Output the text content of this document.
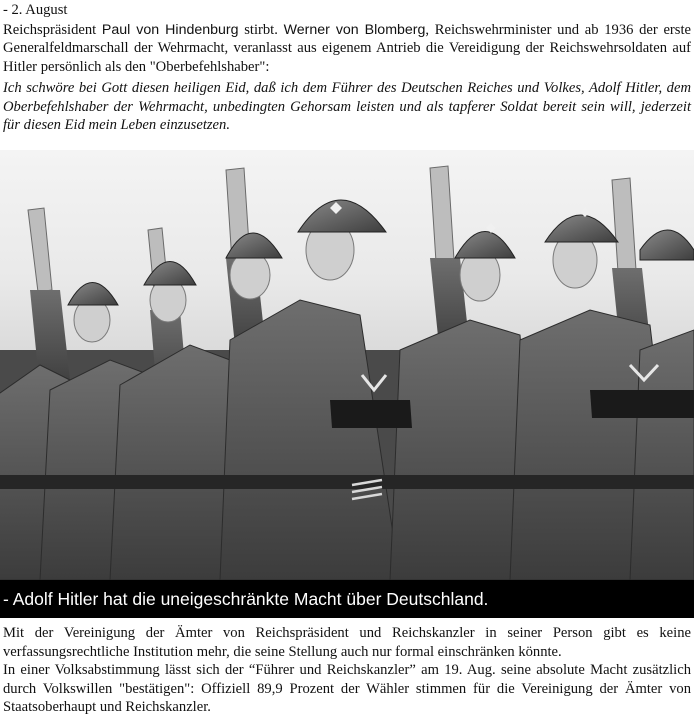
- 2. August

Reichspräsident Paul von Hindenburg stirbt. Werner von Blomberg, Reichswehrminister und ab 1936 der erste Generalfeldmarschall der Wehrmacht, veranlasst aus eigenem Antrieb die Vereidigung der Reichswehrsoldaten auf Hitler persönlich als den "Oberbefehlshaber":

Ich schwöre bei Gott diesen heiligen Eid, daß ich dem Führer des Deutschen Reiches und Volkes, Adolf Hitler, dem Oberbefehlshaber der Wehrmacht, unbedingten Gehorsam leisten und als tapferer Soldat bereit sein will, jederzeit für diesen Eid mein Leben einzusetzen.

- Adolf Hitler hat die uneigeschränkte Macht über Deutschland.

Mit der Vereinigung der Ämter von Reichspräsident und Reichskanzler in seiner Person gibt es keine verfassungsrechtliche Institution mehr, die seine Stellung auch nur formal einschränken könnte.

In einer Volksabstimmung lässt sich der “Führer und Reichskanzler” am 19. Aug. seine absolute Macht zusätzlich durch Volkswillen "bestätigen": Offiziell 89,9 Prozent der Wähler stimmen für die Vereinigung der Ämter von Staatsoberhaupt und Reichskanzler.
